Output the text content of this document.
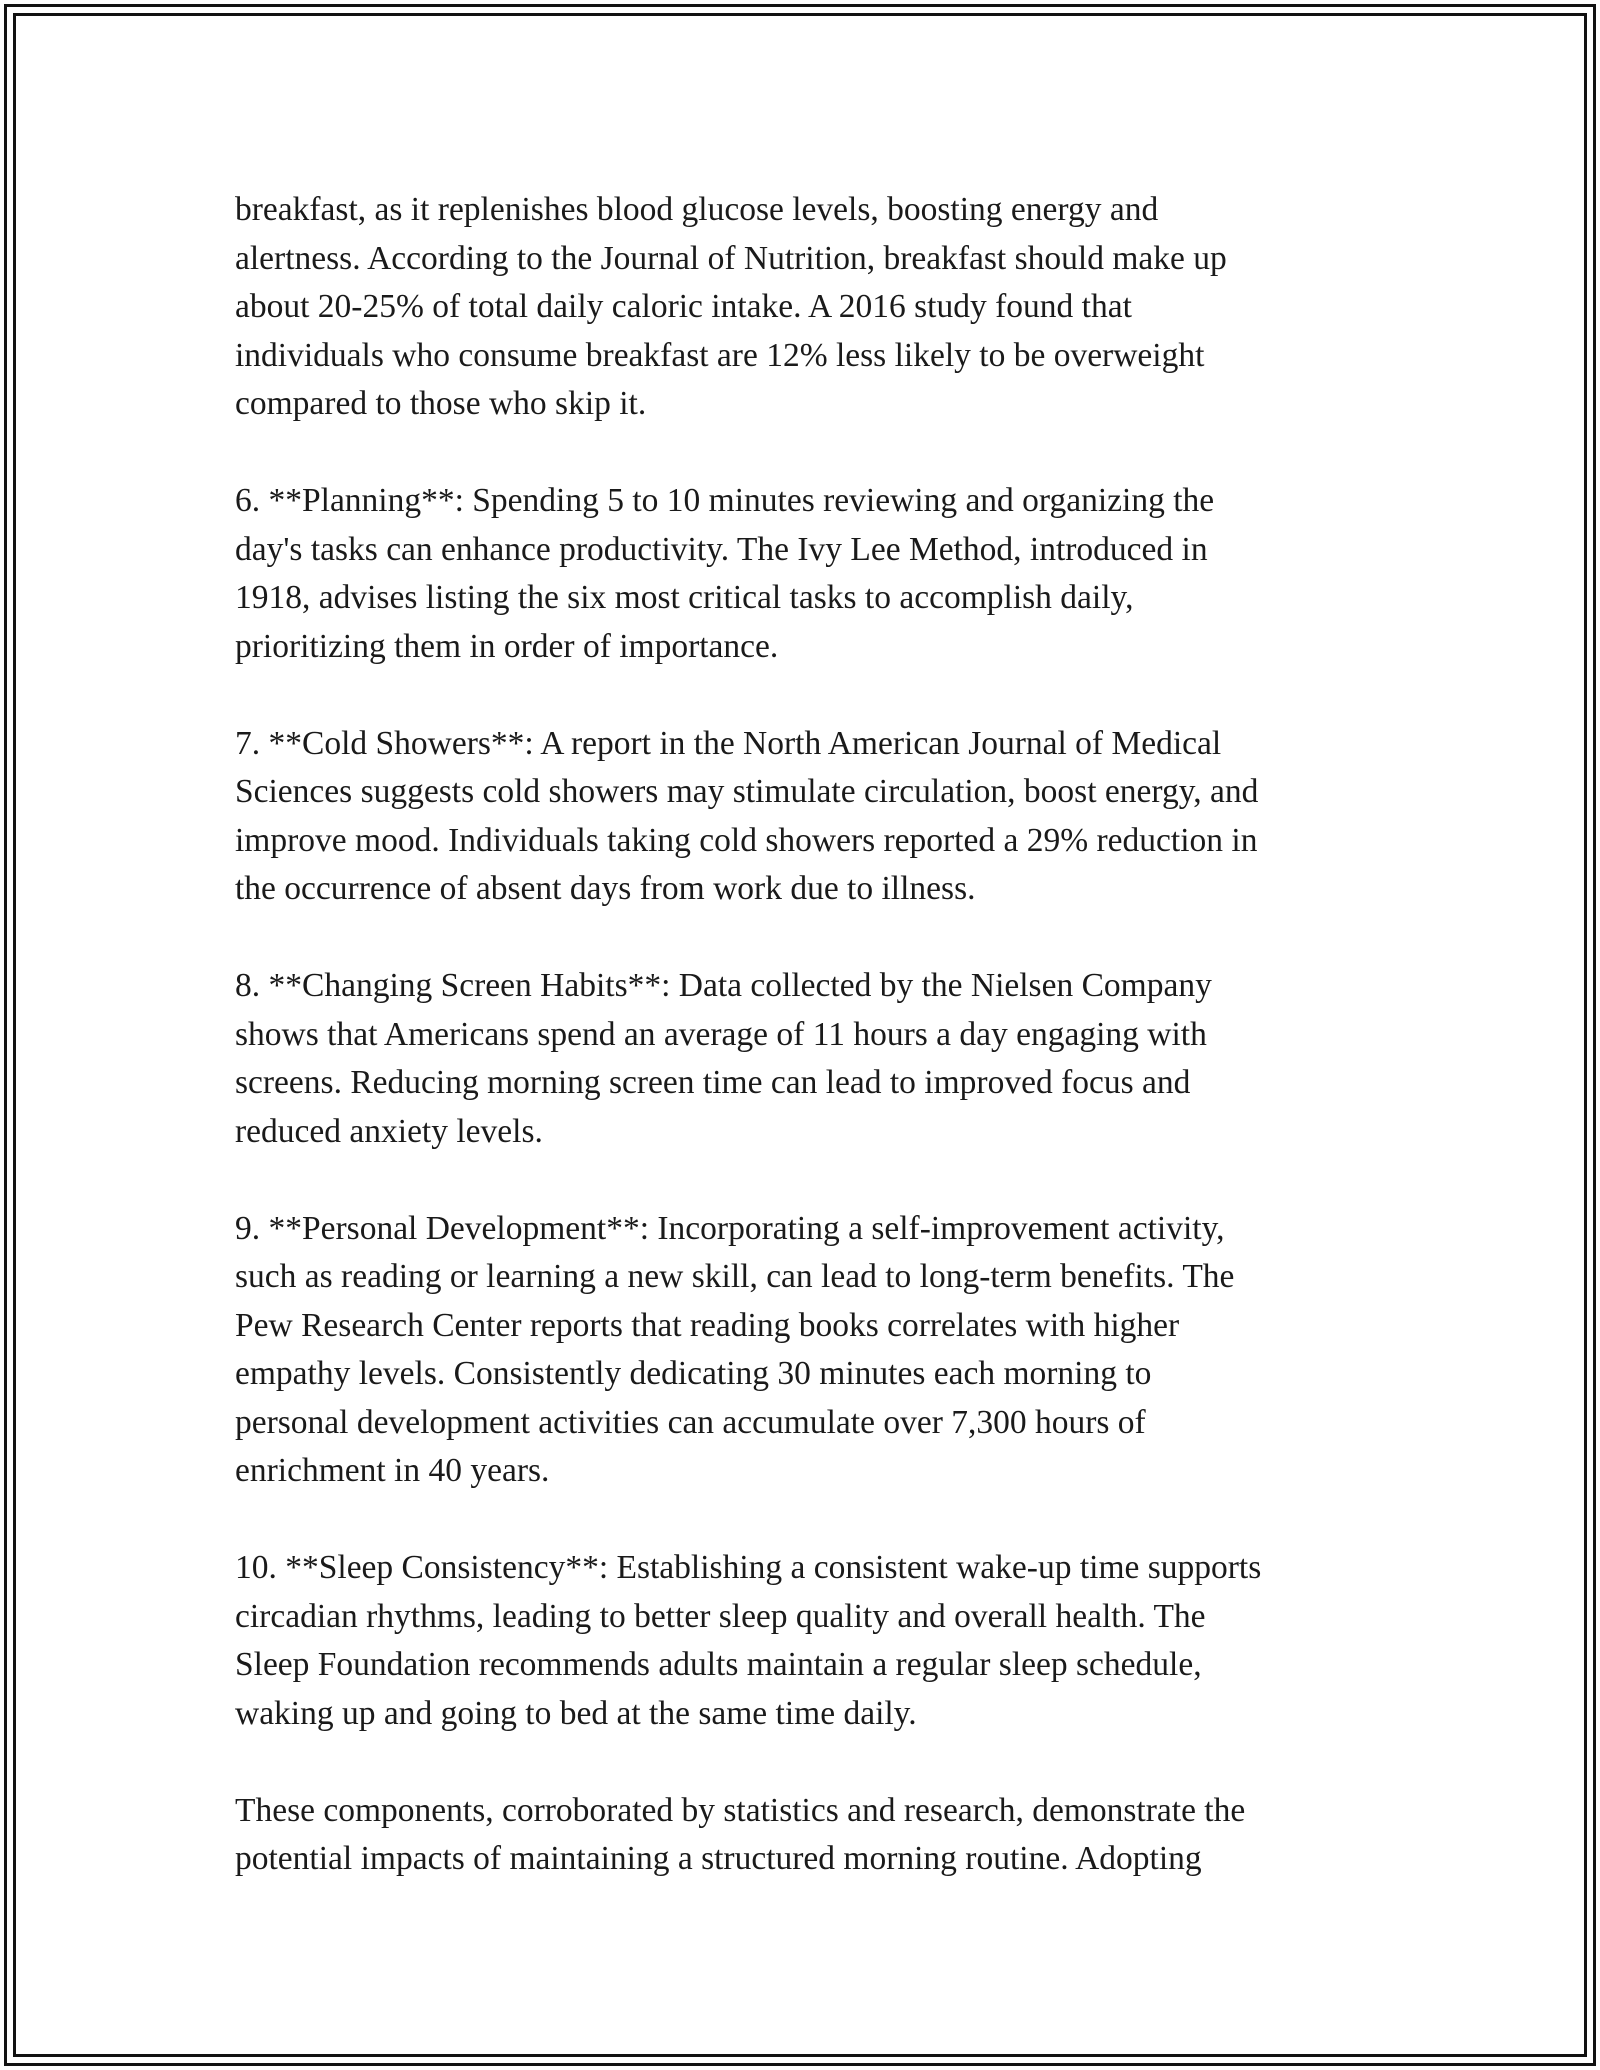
breakfast, as it replenishes blood glucose levels, boosting energy and
alertness. According to the Journal of Nutrition, breakfast should make up
about 20-25% of total daily caloric intake. A 2016 study found that
individuals who consume breakfast are 12% less likely to be overweight
compared to those who skip it.

6. **Planning**: Spending 5 to 10 minutes reviewing and organizing the
day's tasks can enhance productivity. The Ivy Lee Method, introduced in
1918, advises listing the six most critical tasks to accomplish daily,
prioritizing them in order of importance.

7. **Cold Showers**: A report in the North American Journal of Medical
Sciences suggests cold showers may stimulate circulation, boost energy, and
improve mood. Individuals taking cold showers reported a 29% reduction in
the occurrence of absent days from work due to illness.

8. **Changing Screen Habits**: Data collected by the Nielsen Company
shows that Americans spend an average of 11 hours a day engaging with
screens. Reducing morning screen time can lead to improved focus and
reduced anxiety levels.

9. **Personal Development**: Incorporating a self-improvement activity,
such as reading or learning a new skill, can lead to long-term benefits. The
Pew Research Center reports that reading books correlates with higher
empathy levels. Consistently dedicating 30 minutes each morning to
personal development activities can accumulate over 7,300 hours of
enrichment in 40 years.

10. **Sleep Consistency**: Establishing a consistent wake-up time supports
circadian rhythms, leading to better sleep quality and overall health. The
Sleep Foundation recommends adults maintain a regular sleep schedule,
waking up and going to bed at the same time daily.

These components, corroborated by statistics and research, demonstrate the
potential impacts of maintaining a structured morning routine. Adopting
